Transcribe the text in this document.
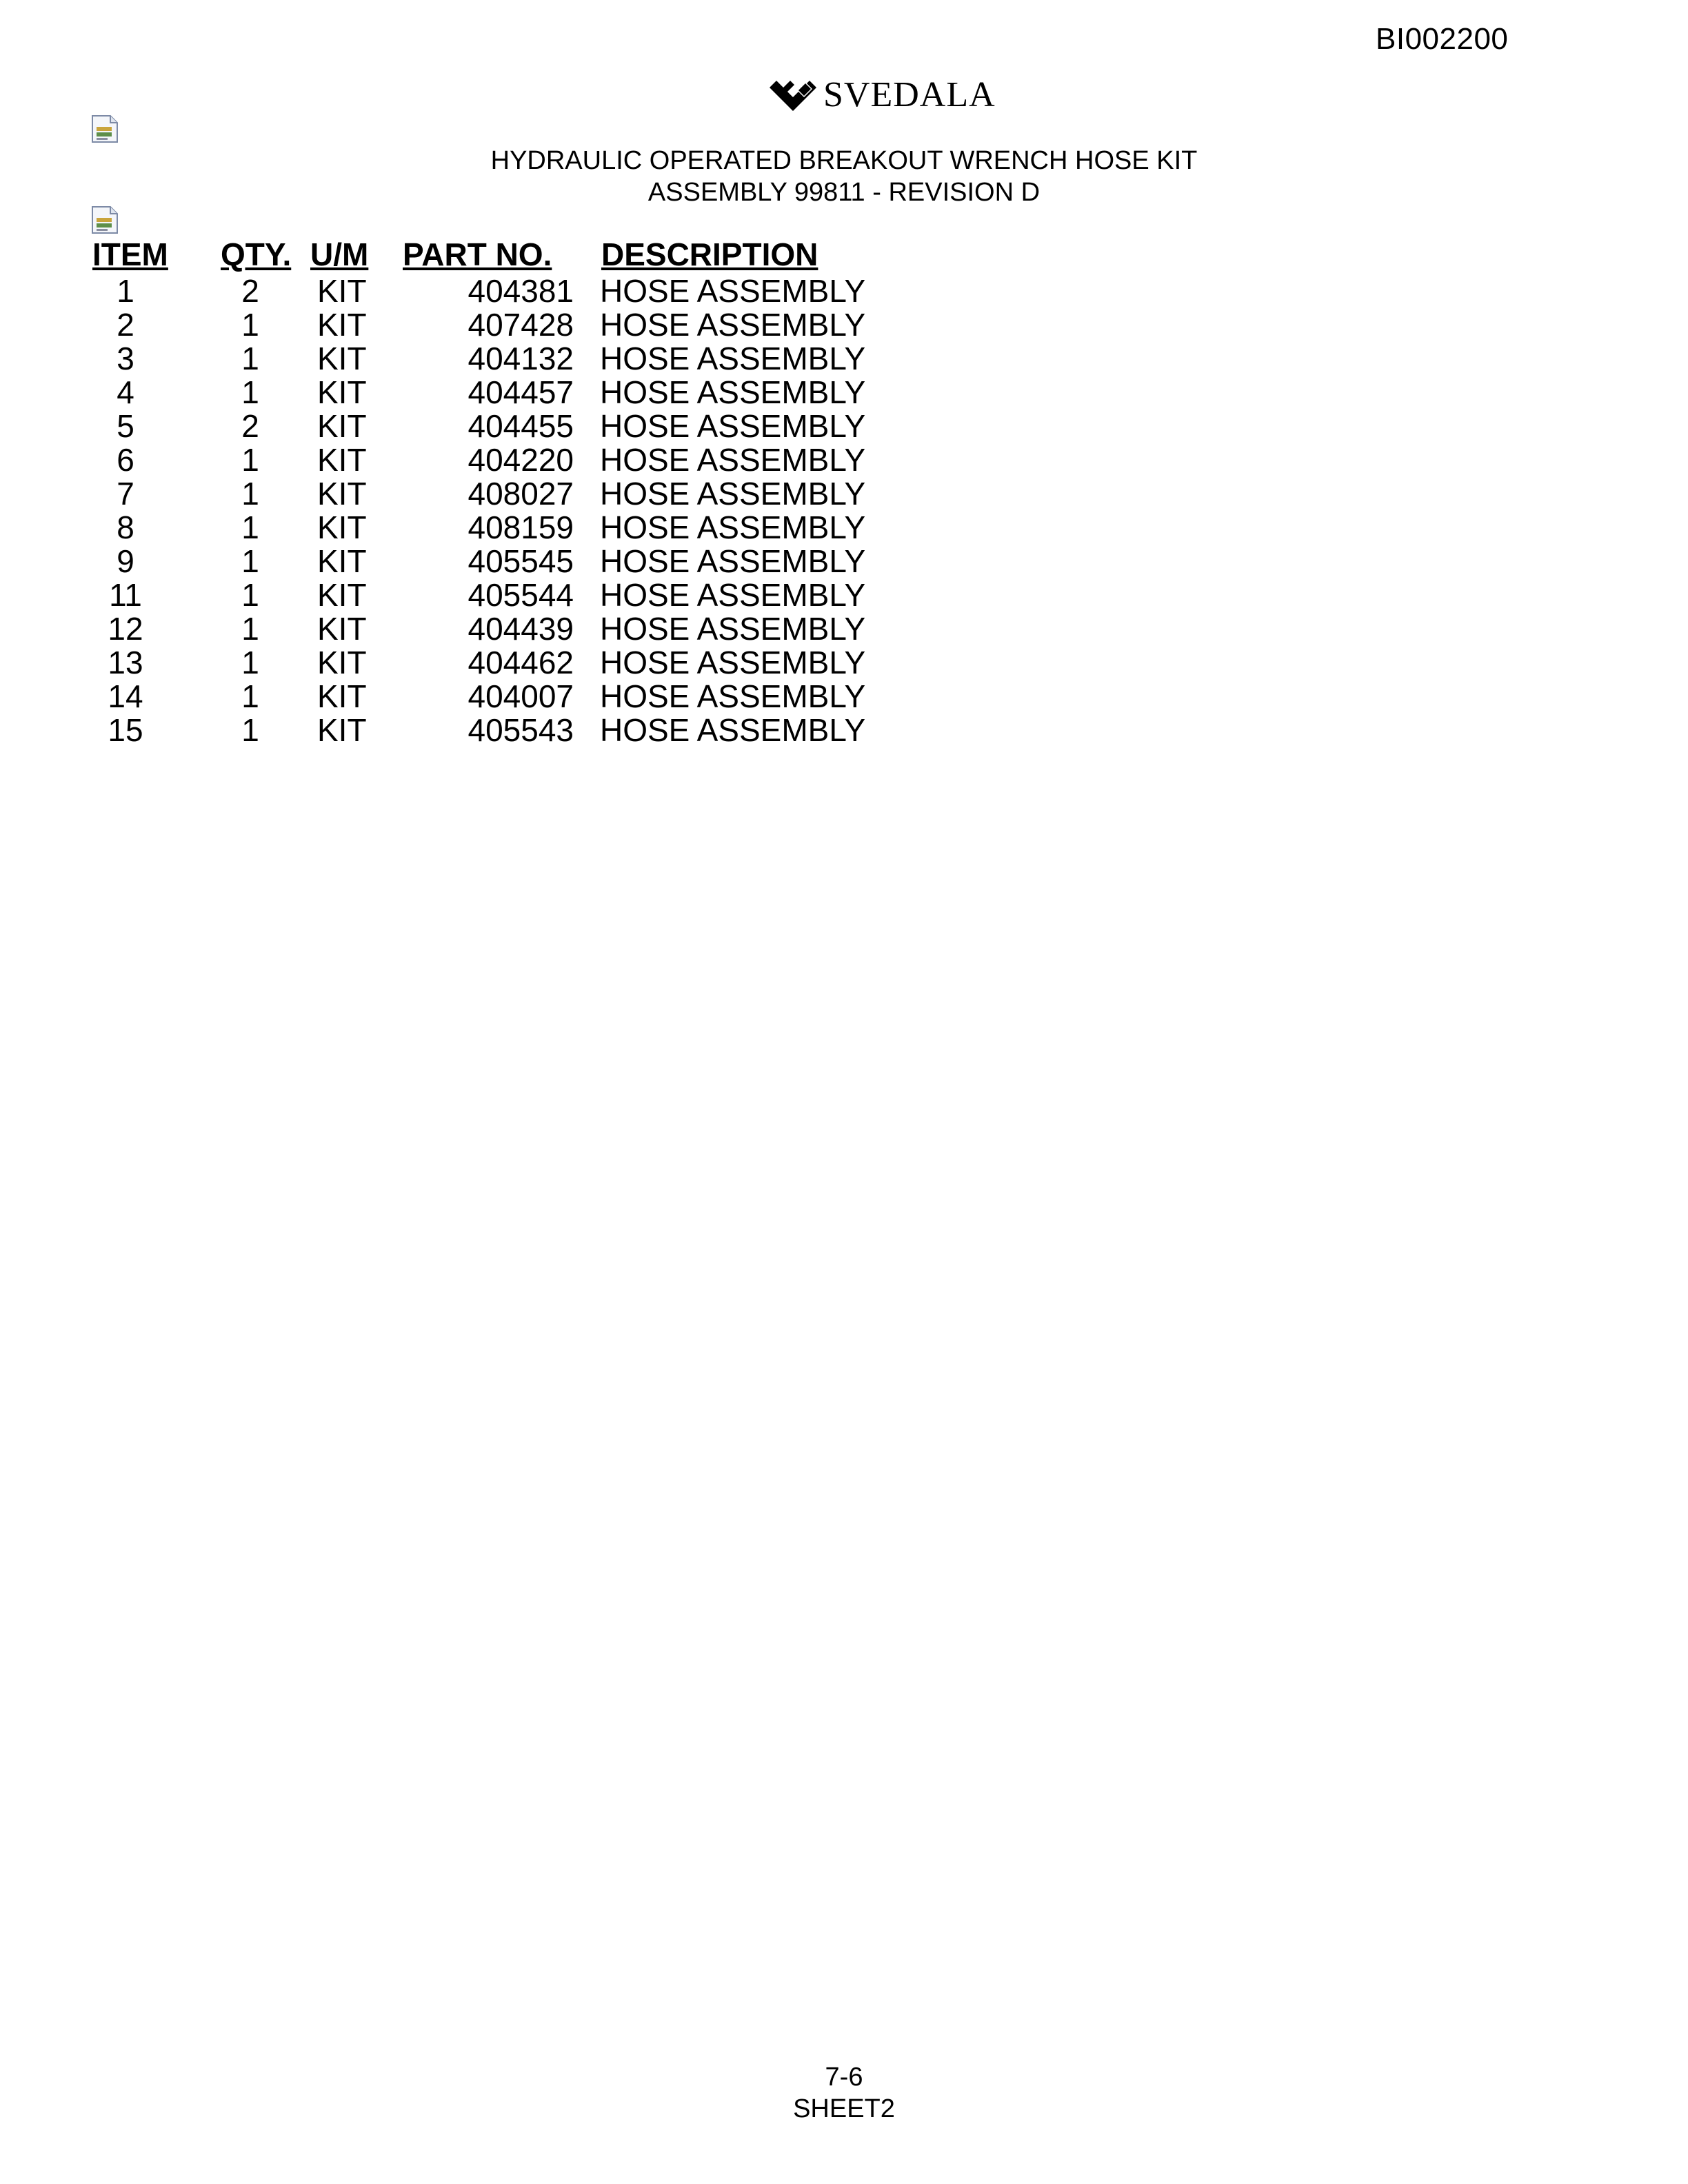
BI002200
SVEDALA
HYDRAULIC OPERATED BREAKOUT WRENCH HOSE KIT
ASSEMBLY 99811 - REVISION D
ITEM	QTY.	U/M	PART NO.	DESCRIPTION
1	2	KIT	404381	HOSE ASSEMBLY
2	1	KIT	407428	HOSE ASSEMBLY
3	1	KIT	404132	HOSE ASSEMBLY
4	1	KIT	404457	HOSE ASSEMBLY
5	2	KIT	404455	HOSE ASSEMBLY
6	1	KIT	404220	HOSE ASSEMBLY
7	1	KIT	408027	HOSE ASSEMBLY
8	1	KIT	408159	HOSE ASSEMBLY
9	1	KIT	405545	HOSE ASSEMBLY
11	1	KIT	405544	HOSE ASSEMBLY
12	1	KIT	404439	HOSE ASSEMBLY
13	1	KIT	404462	HOSE ASSEMBLY
14	1	KIT	404007	HOSE ASSEMBLY
15	1	KIT	405543	HOSE ASSEMBLY
7-6
SHEET2
